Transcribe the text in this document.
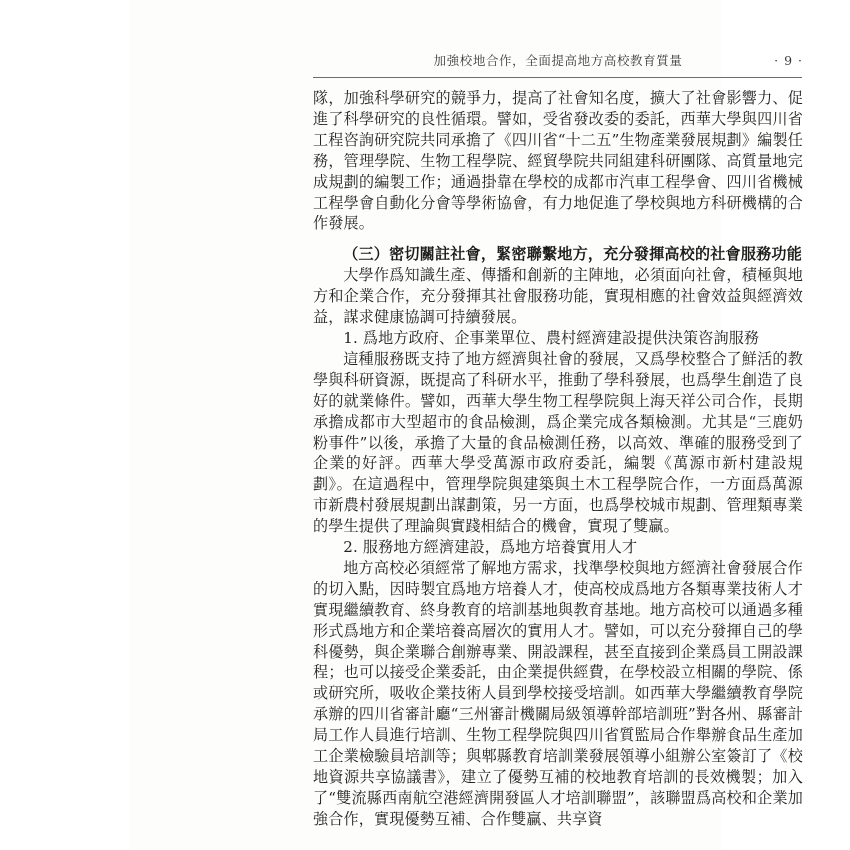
加強校地合作，全面提高地方高校教育質量	· 9 ·

隊，加強科學研究的競爭力，提高了社會知名度，擴大了社會影響力、促進了科學研究的良性循環。譬如，受省發改委的委託，西華大學與四川省工程咨詢研究院共同承擔了《四川省“十二五”生物產業發展規劃》編製任務，管理學院、生物工程學院、經貿學院共同組建科研團隊、高質量地完成規劃的編製工作；通過掛靠在學校的成都市汽車工程學會、四川省機械工程學會自動化分會等學術協會，有力地促進了學校與地方科研機構的合作發展。

（三）密切關註社會，緊密聯繫地方，充分發揮高校的社會服務功能

大學作爲知識生產、傳播和創新的主陣地，必須面向社會，積極與地方和企業合作，充分發揮其社會服務功能，實現相應的社會效益與經濟效益，謀求健康協調可持續發展。

1. 爲地方政府、企事業單位、農村經濟建設提供決策咨詢服務

這種服務既支持了地方經濟與社會的發展，又爲學校整合了鮮活的教學與科研資源，既提高了科研水平，推動了學科發展，也爲學生創造了良好的就業條件。譬如，西華大學生物工程學院與上海天祥公司合作，長期承擔成都市大型超市的食品檢測，爲企業完成各類檢測。尤其是“三鹿奶粉事件”以後，承擔了大量的食品檢測任務，以高效、準確的服務受到了企業的好評。西華大學受萬源市政府委託，編製《萬源市新村建設規劃》。在這過程中，管理學院與建築與土木工程學院合作，一方面爲萬源市新農村發展規劃出謀劃策，另一方面，也爲學校城市規劃、管理類專業的學生提供了理論與實踐相結合的機會，實現了雙贏。

2. 服務地方經濟建設，爲地方培養實用人才

地方高校必須經常了解地方需求，找準學校與地方經濟社會發展合作的切入點，因時製宜爲地方培養人才，使高校成爲地方各類專業技術人才實現繼續教育、終身教育的培訓基地與教育基地。地方高校可以通過多種形式爲地方和企業培養高層次的實用人才。譬如，可以充分發揮自己的學科優勢，與企業聯合創辦專業、開設課程，甚至直接到企業爲員工開設課程；也可以接受企業委託，由企業提供經費，在學校設立相關的學院、係或研究所，吸收企業技術人員到學校接受培訓。如西華大學繼續教育學院承辦的四川省審計廳“三州審計機關局級領導幹部培訓班”對各州、縣審計局工作人員進行培訓、生物工程學院與四川省質監局合作舉辦食品生產加工企業檢驗員培訓等；與郫縣教育培訓業發展領導小組辦公室簽訂了《校地資源共享協議書》，建立了優勢互補的校地教育培訓的長效機製；加入了“雙流縣西南航空港經濟開發區人才培訓聯盟”，該聯盟爲高校和企業加強合作，實現優勢互補、合作雙贏、共享資
